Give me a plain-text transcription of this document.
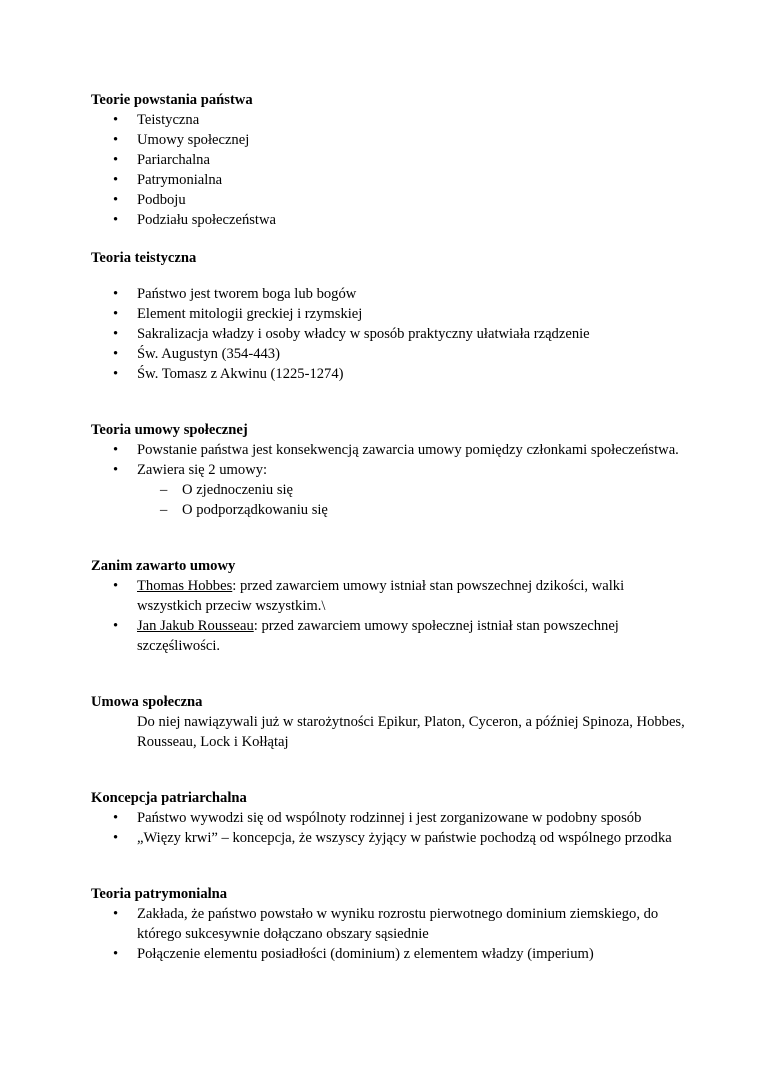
Teorie powstania państwa

• Teistyczna
• Umowy społecznej
• Pariarchalna
• Patrymonialna
• Podboju
• Podziału społeczeństwa

Teoria teistyczna

• Państwo jest tworem boga lub bogów
• Element mitologii greckiej i rzymskiej
• Sakralizacja władzy i osoby władcy w sposób praktyczny ułatwiała rządzenie
• Św. Augustyn (354-443)
• Św. Tomasz z Akwinu (1225-1274)

Teoria umowy społecznej

• Powstanie państwa jest konsekwencją zawarcia umowy pomiędzy członkami społeczeństwa.
• Zawiera się 2 umowy:
– O zjednoczeniu się
– O podporządkowaniu się

Zanim zawarto umowy

• Thomas Hobbes: przed zawarciem umowy istniał stan powszechnej dzikości, walki wszystkich przeciw wszystkim.\
• Jan Jakub Rousseau: przed zawarciem umowy społecznej istniał stan powszechnej szczęśliwości.

Umowa społeczna

Do niej nawiązywali już w starożytności Epikur, Platon, Cyceron, a później Spinoza, Hobbes, Rousseau, Lock i Kołłątaj

Koncepcja patriarchalna

• Państwo wywodzi się od wspólnoty rodzinnej i jest zorganizowane w podobny sposób
• „Więzy krwi” – koncepcja, że wszyscy żyjący w państwie pochodzą od wspólnego przodka

Teoria patrymonialna

• Zakłada, że państwo powstało w wyniku rozrostu pierwotnego dominium ziemskiego, do którego sukcesywnie dołączano obszary sąsiednie
• Połączenie elementu posiadłości (dominium) z elementem władzy (imperium)
